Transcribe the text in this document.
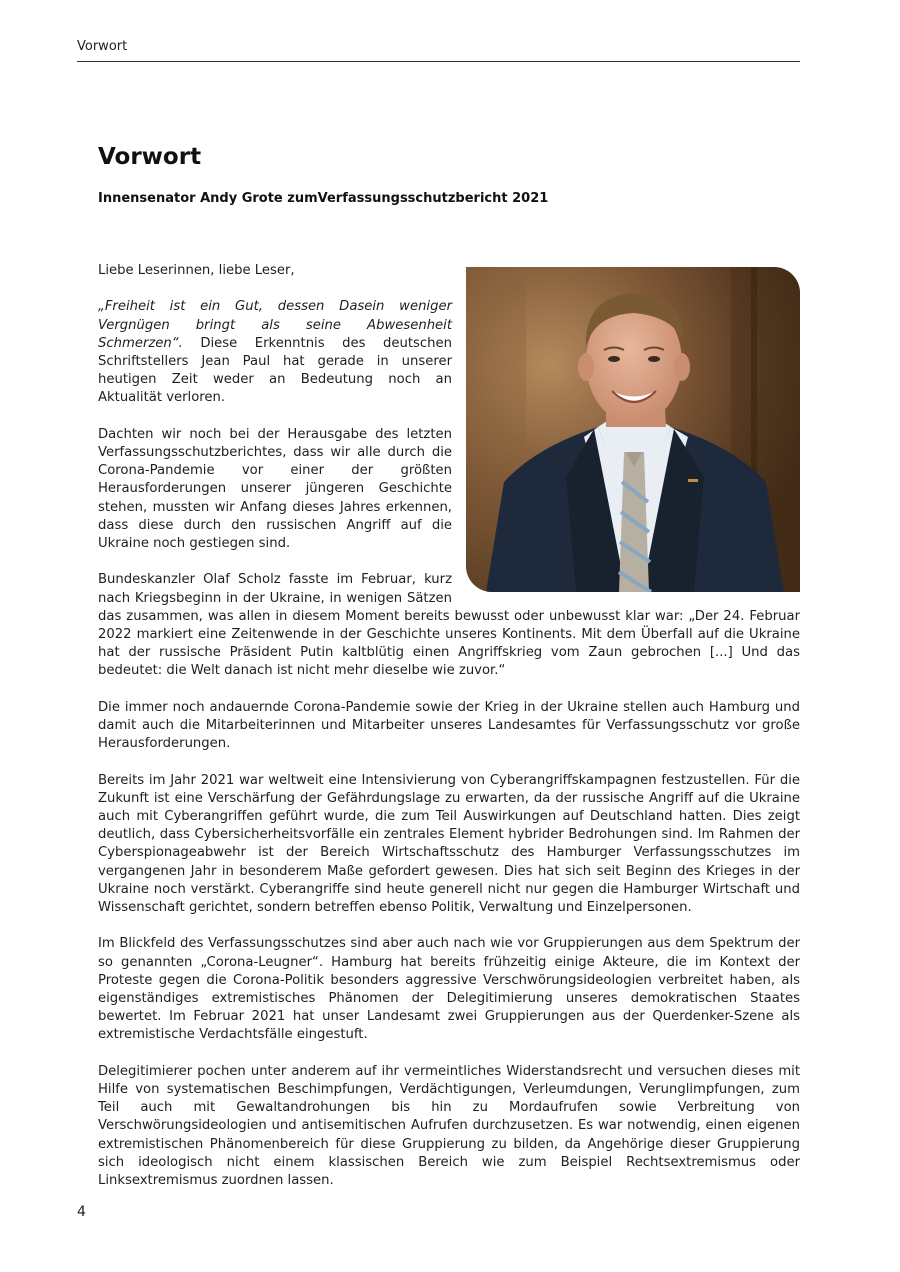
Vorwort
Vorwort
Innensenator Andy Grote zumVerfassungsschutzbericht 2021

Liebe Leserinnen, liebe Leser,

„Freiheit ist ein Gut, dessen Dasein weniger Vergnügen bringt als seine Abwesenheit Schmerzen“. Diese Erkenntnis des deutschen Schriftstellers Jean Paul hat gerade in unserer heutigen Zeit weder an Bedeutung noch an Aktualität verloren.

Dachten wir noch bei der Herausgabe des letzten Verfassungsschutzberichtes, dass wir alle durch die Corona-Pandemie vor einer der größten Herausforderungen unserer jüngeren Geschichte stehen, mussten wir Anfang dieses Jahres erkennen, dass diese durch den russischen Angriff auf die Ukraine noch gestiegen sind.

Bundeskanzler Olaf Scholz fasste im Februar, kurz nach Kriegsbeginn in der Ukraine, in wenigen Sätzen das zusammen, was allen in diesem Moment bereits bewusst oder unbewusst klar war: „Der 24. Februar 2022 markiert eine Zeitenwende in der Geschichte unseres Kontinents. Mit dem Überfall auf die Ukraine hat der russische Präsident Putin kaltblütig einen Angriffskrieg vom Zaun gebrochen [...] Und das bedeutet: die Welt danach ist nicht mehr dieselbe wie zuvor.“

Die immer noch andauernde Corona-Pandemie sowie der Krieg in der Ukraine stellen auch Hamburg und damit auch die Mitarbeiterinnen und Mitarbeiter unseres Landesamtes für Verfassungsschutz vor große Herausforderungen.

Bereits im Jahr 2021 war weltweit eine Intensivierung von Cyberangriffskampagnen festzustellen. Für die Zukunft ist eine Verschärfung der Gefährdungslage zu erwarten, da der russische Angriff auf die Ukraine auch mit Cyberangriffen geführt wurde, die zum Teil Auswirkungen auf Deutschland hatten. Dies zeigt deutlich, dass Cybersicherheitsvorfälle ein zentrales Element hybrider Bedrohungen sind. Im Rahmen der Cyberspionageabwehr ist der Bereich Wirtschaftsschutz des Hamburger Verfassungsschutzes im vergangenen Jahr in besonderem Maße gefordert gewesen. Dies hat sich seit Beginn des Krieges in der Ukraine noch verstärkt. Cyberangriffe sind heute generell nicht nur gegen die Hamburger Wirtschaft und Wissenschaft gerichtet, sondern betreffen ebenso Politik, Verwaltung und Einzelpersonen.

Im Blickfeld des Verfassungsschutzes sind aber auch nach wie vor Gruppierungen aus dem Spektrum der so genannten „Corona-Leugner“. Hamburg hat bereits frühzeitig einige Akteure, die im Kontext der Proteste gegen die Corona-Politik besonders aggressive Verschwörungsideologien verbreitet haben, als eigenständiges extremistisches Phänomen der Delegitimierung unseres demokratischen Staates bewertet. Im Februar 2021 hat unser Landesamt zwei Gruppierungen aus der Querdenker-Szene als extremistische Verdachtsfälle eingestuft.

Delegitimierer pochen unter anderem auf ihr vermeintliches Widerstandsrecht und versuchen dieses mit Hilfe von systematischen Beschimpfungen, Verdächtigungen, Verleumdungen, Verunglimpfungen, zum Teil auch mit Gewaltandrohungen bis hin zu Mordaufrufen sowie Verbreitung von Verschwörungsideologien und antisemitischen Aufrufen durchzusetzen. Es war notwendig, einen eigenen extremistischen Phänomenbereich für diese Gruppierung zu bilden, da Angehörige dieser Gruppierung sich ideologisch nicht einem klassischen Bereich wie zum Beispiel Rechtsextremismus oder Linksextremismus zuordnen lassen.

4
